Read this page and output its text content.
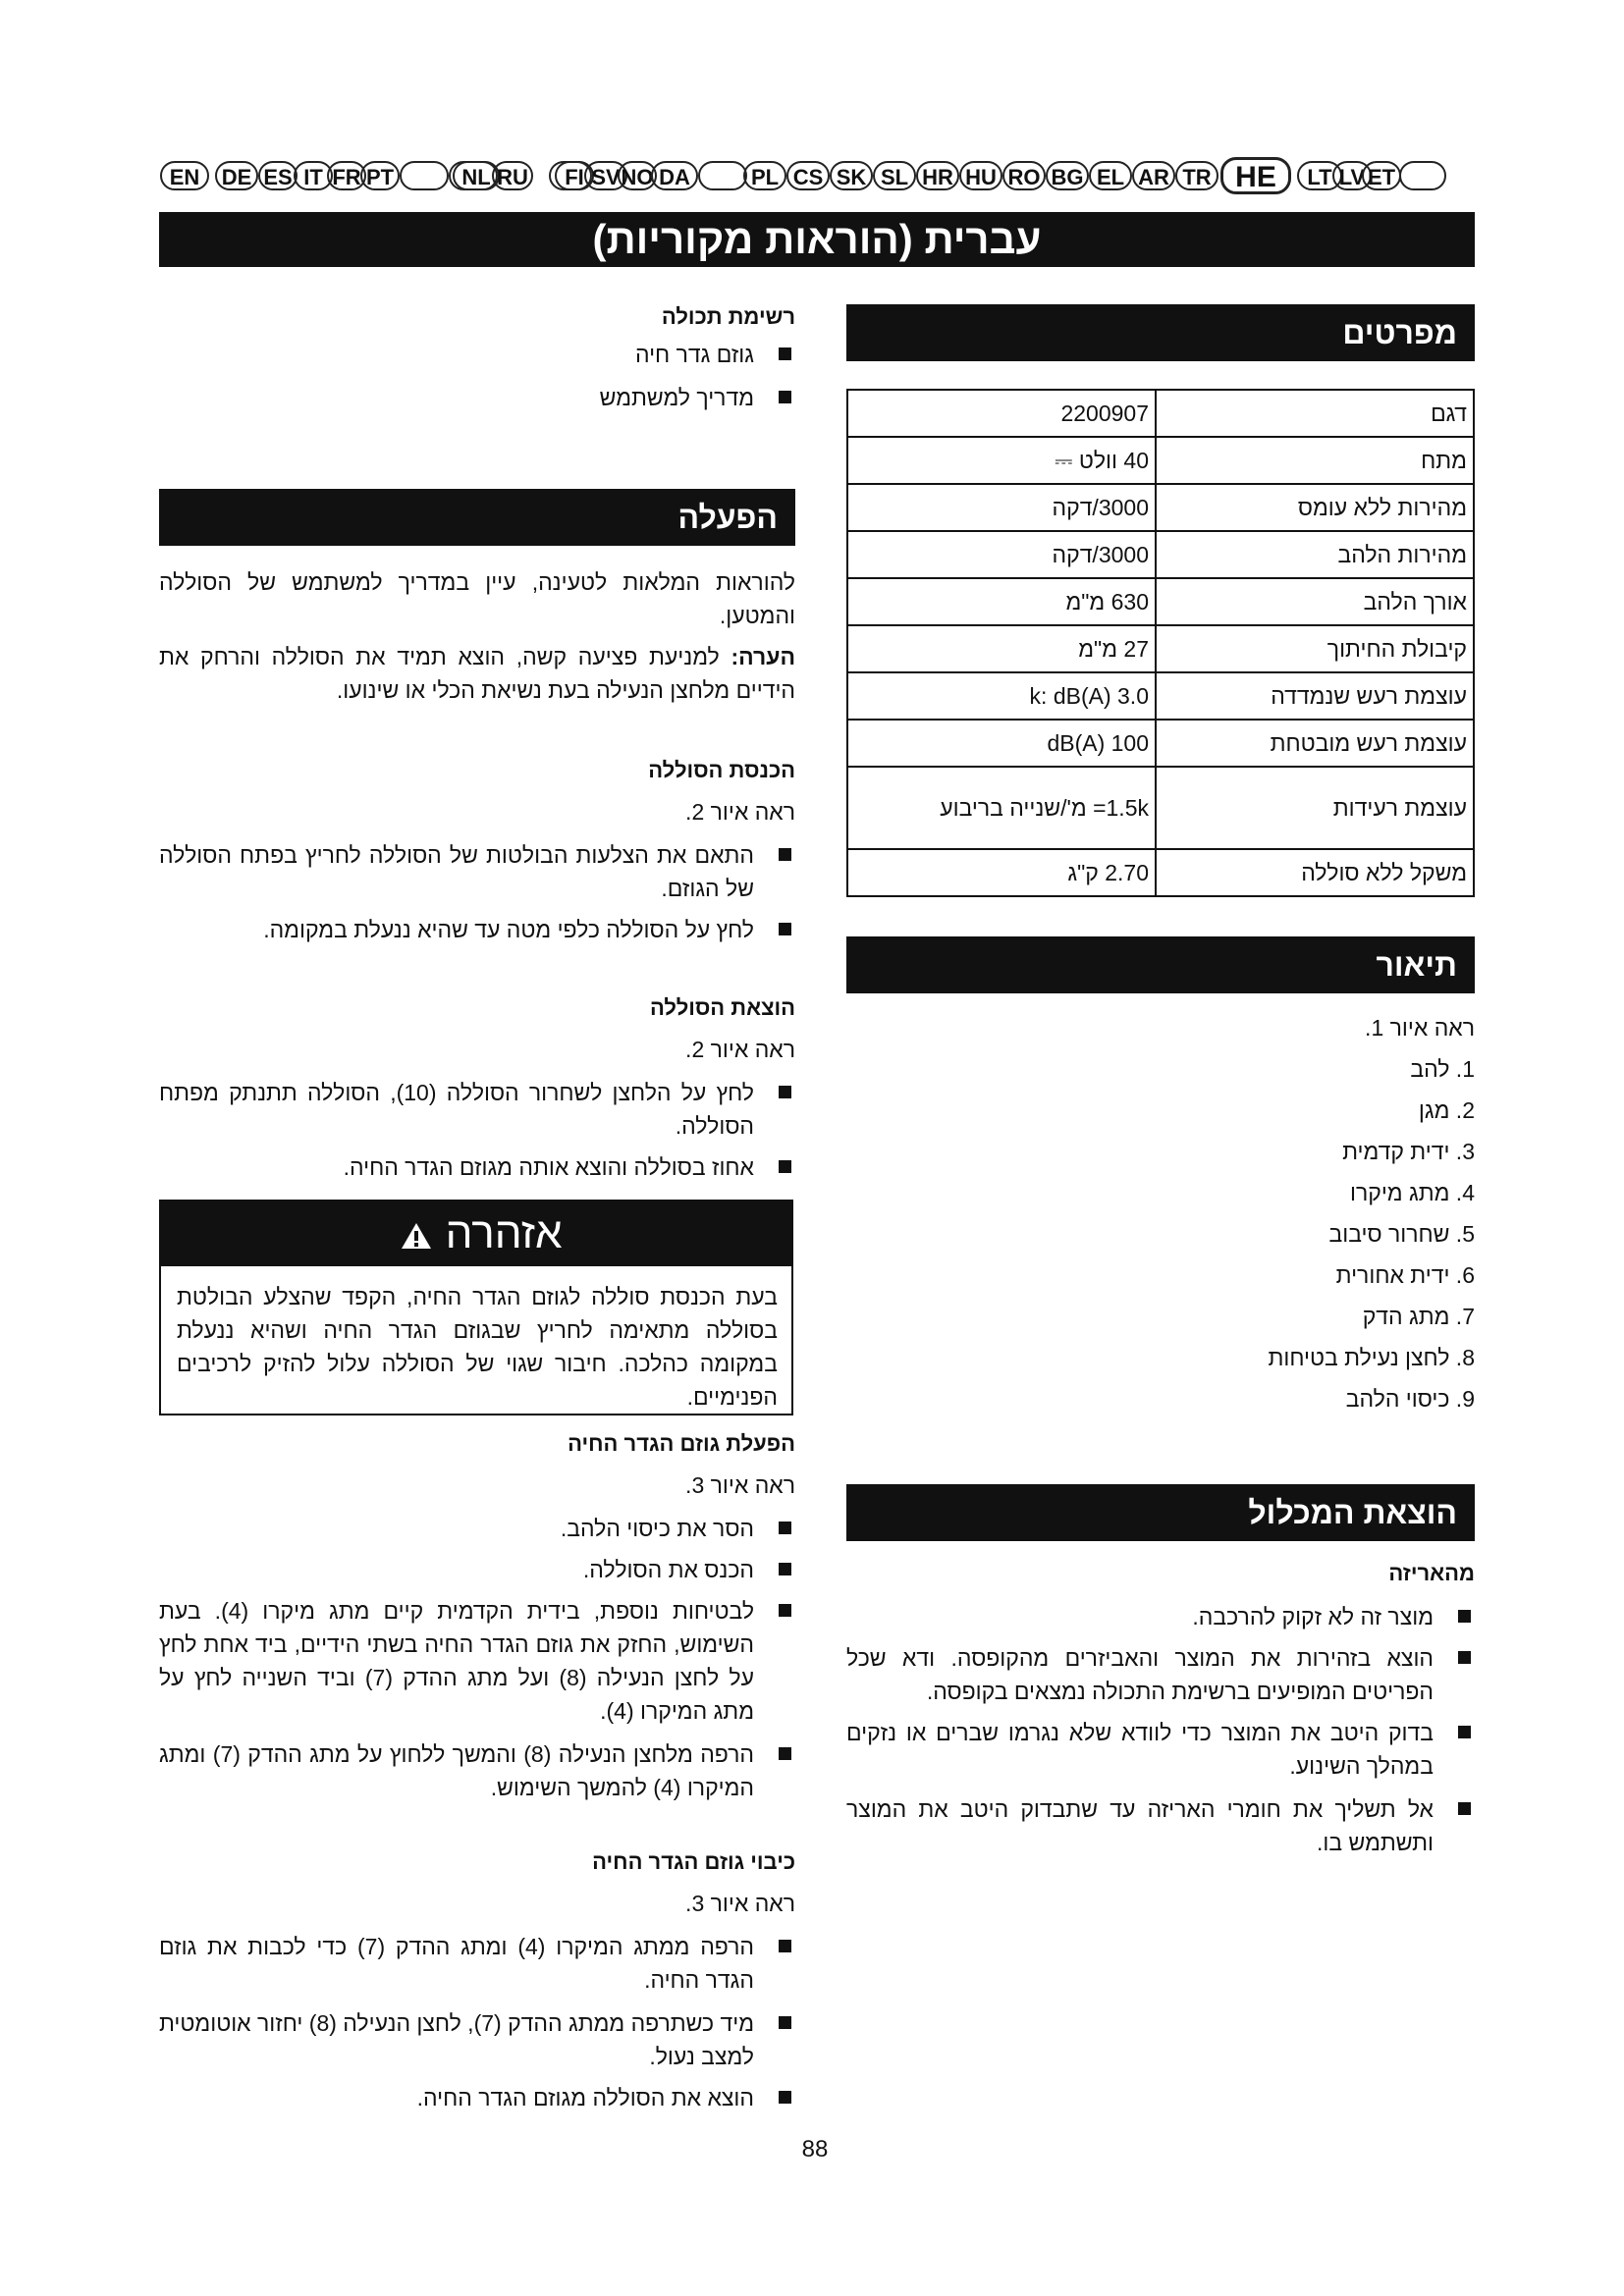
EN	DE ES IT FR PT	NL RU	FI SV NO DA	PL CS SK SL HR HU RO BG EL AR TR HE	LT LV ET
עברית (הוראות מקוריות)
רשימת תכולה
גוזם גדר חיה
מדריך למשתמש
הפעלה
להוראות המלאות לטעינה, עיין במדריך למשתמש של הסוללה והמטען.
הערה: למניעת פציעה קשה, הוצא תמיד את הסוללה והרחק את הידיים מלחצן הנעילה בעת נשיאת הכלי או שינועו.
הכנסת הסוללה
ראה איור 2.
התאם את הצלעות הבולטות של הסוללה לחריץ בפתח הסוללה של הגוזם.
לחץ על הסוללה כלפי מטה עד שהיא ננעלת במקומה.
הוצאת הסוללה
ראה איור 2.
לחץ על הלחצן לשחרור הסוללה (10), הסוללה תתנתק מפתח הסוללה.
אחוז בסוללה והוצא אותה מגוזם הגדר החיה.
אזהרה
בעת הכנסת סוללה לגוזם הגדר החיה, הקפד שהצלע הבולטת בסוללה מתאימה לחריץ שבגוזם הגדר החיה ושהיא ננעלת במקומה כהלכה. חיבור שגוי של הסוללה עלול להזיק לרכיבים הפנימיים.
הפעלת גוזם הגדר החיה
ראה איור 3.
הסר את כיסוי הלהב.
הכנס את הסוללה.
לבטיחות נוספת, בידית הקדמית קיים מתג מיקרו (4). בעת השימוש, החזק את גוזם הגדר החיה בשתי הידיים, ביד אחת לחץ על לחצן הנעילה (8) ועל מתג ההדק (7) וביד השנייה לחץ על מתג המיקרו (4).
הרפה מלחצן הנעילה (8) והמשך ללחוץ על מתג ההדק (7) ומתג המיקרו (4) להמשך השימוש.
כיבוי גוזם הגדר החיה
ראה איור 3.
הרפה ממתג המיקרו (4) ומתג ההדק (7) כדי לכבות את גוזם הגדר החיה.
מיד כשתרפה ממתג ההדק (7), לחצן הנעילה (8) יחזור אוטומטית למצב נעול.
הוצא את הסוללה מגוזם הגדר החיה.
מפרטים
2200907	דגם
40 וולט ⎓	מתח
3000/דקה	מהירות ללא עומס
3000/דקה	מהירות הלהב
630 מ"מ	אורך הלהב
27 מ"מ	קיבולת החיתוך
3.0 k: dB(A)	עוצמת רעש שנמדדה
100 dB(A)	עוצמת רעש מובטחת
1.5k= מ'/שנייה בריבוע	עוצמת רעידות
2.70 ק"ג	משקל ללא סוללה
תיאור
ראה איור 1.
1. להב
2. מגן
3. ידית קדמית
4. מתג מיקרו
5. שחרור סיבוב
6. ידית אחורית
7. מתג הדק
8. לחצן נעילת בטיחות
9. כיסוי הלהב
הוצאת המכלול
מהאריזה
מוצר זה לא זקוק להרכבה.
הוצא בזהירות את המוצר והאביזרים מהקופסה. ודא שכל הפריטים המופיעים ברשימת התכולה נמצאים בקופסה.
בדוק היטב את המוצר כדי לוודא שלא נגרמו שברים או נזקים במהלך השינוע.
אל תשליך את חומרי האריזה עד שתבדוק היטב את המוצר ותשתמש בו.
88
